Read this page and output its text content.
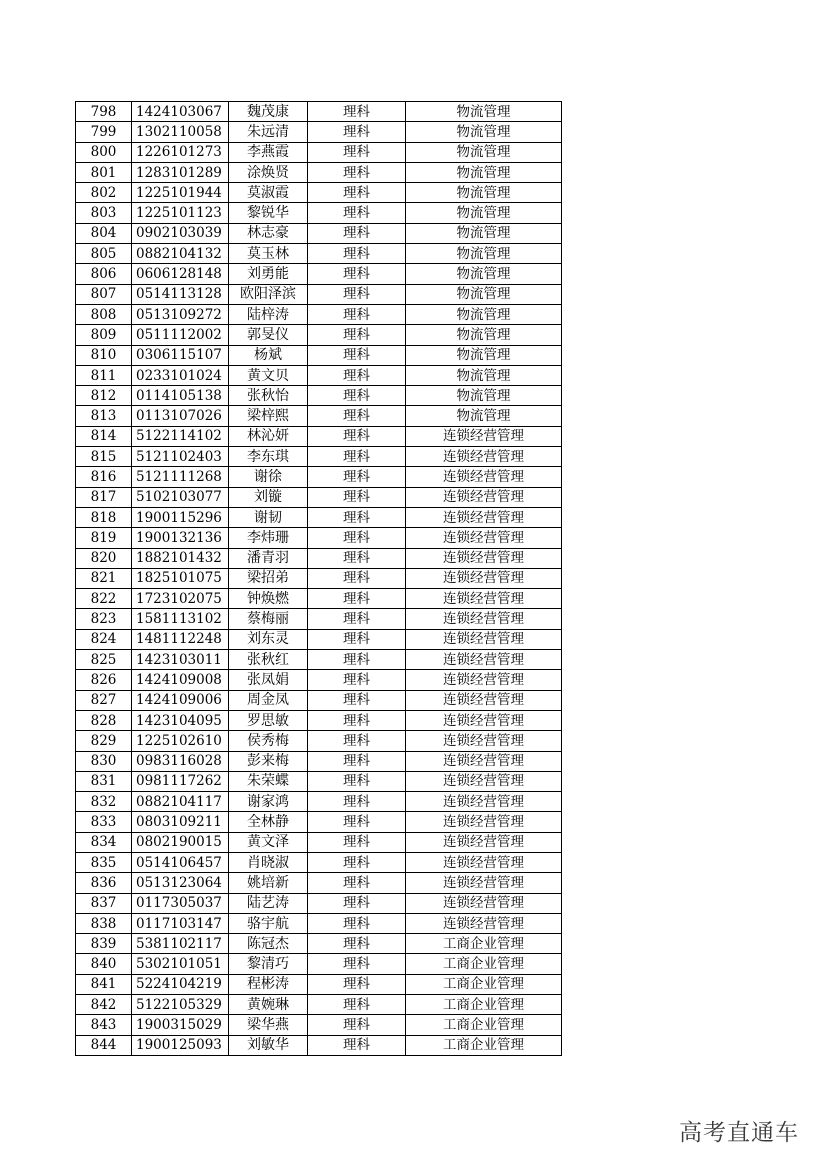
798	1424103067	魏茂康	理科	物流管理
799	1302110058	朱远清	理科	物流管理
800	1226101273	李燕霞	理科	物流管理
801	1283101289	涂焕贤	理科	物流管理
802	1225101944	莫淑霞	理科	物流管理
803	1225101123	黎锐华	理科	物流管理
804	0902103039	林志豪	理科	物流管理
805	0882104132	莫玉林	理科	物流管理
806	0606128148	刘勇能	理科	物流管理
807	0514113128	欧阳泽滨	理科	物流管理
808	0513109272	陆梓涛	理科	物流管理
809	0511112002	郭旻仪	理科	物流管理
810	0306115107	杨斌	理科	物流管理
811	0233101024	黄文贝	理科	物流管理
812	0114105138	张秋怡	理科	物流管理
813	0113107026	梁梓熙	理科	物流管理
814	5122114102	林沁妍	理科	连锁经营管理
815	5121102403	李东琪	理科	连锁经营管理
816	5121111268	谢徐	理科	连锁经营管理
817	5102103077	刘镟	理科	连锁经营管理
818	1900115296	谢韧	理科	连锁经营管理
819	1900132136	李炜珊	理科	连锁经营管理
820	1882101432	潘青羽	理科	连锁经营管理
821	1825101075	梁招弟	理科	连锁经营管理
822	1723102075	钟焕燃	理科	连锁经营管理
823	1581113102	蔡梅丽	理科	连锁经营管理
824	1481112248	刘东灵	理科	连锁经营管理
825	1423103011	张秋红	理科	连锁经营管理
826	1424109008	张凤娟	理科	连锁经营管理
827	1424109006	周金凤	理科	连锁经营管理
828	1423104095	罗思敏	理科	连锁经营管理
829	1225102610	侯秀梅	理科	连锁经营管理
830	0983116028	彭来梅	理科	连锁经营管理
831	0981117262	朱荣蝶	理科	连锁经营管理
832	0882104117	谢家鸿	理科	连锁经营管理
833	0803109211	全林静	理科	连锁经营管理
834	0802190015	黄文泽	理科	连锁经营管理
835	0514106457	肖晓淑	理科	连锁经营管理
836	0513123064	姚培新	理科	连锁经营管理
837	0117305037	陆艺涛	理科	连锁经营管理
838	0117103147	骆宇航	理科	连锁经营管理
839	5381102117	陈冠杰	理科	工商企业管理
840	5302101051	黎清巧	理科	工商企业管理
841	5224104219	程彬涛	理科	工商企业管理
842	5122105329	黄婉琳	理科	工商企业管理
843	1900315029	梁华燕	理科	工商企业管理
844	1900125093	刘敏华	理科	工商企业管理
高考直通车
